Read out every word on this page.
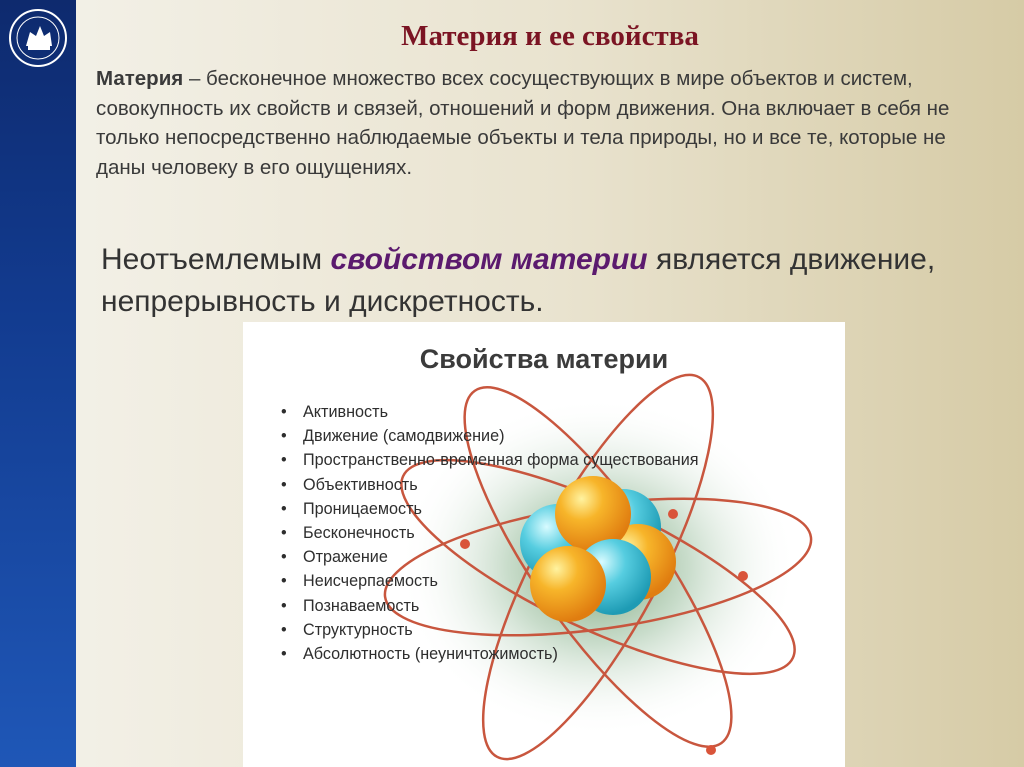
Материя и ее свойства

Материя – бесконечное множество всех сосуществующих в мире объектов и систем, совокупность их свойств и связей, отношений и форм движения. Она включает в себя не только непосредственно наблюдаемые объекты и тела природы, но и все те, которые не даны человеку в его ощущениях.

Неотъемлемым свойством материи является движение, непрерывность и дискретность.

Свойства материи
• Активность
• Движение (самодвижение)
• Пространственно-временная форма существования
• Объективность
• Проницаемость
• Бесконечность
• Отражение
• Неисчерпаемость
• Познаваемость
• Структурность
• Абсолютность (неуничтожимость)
